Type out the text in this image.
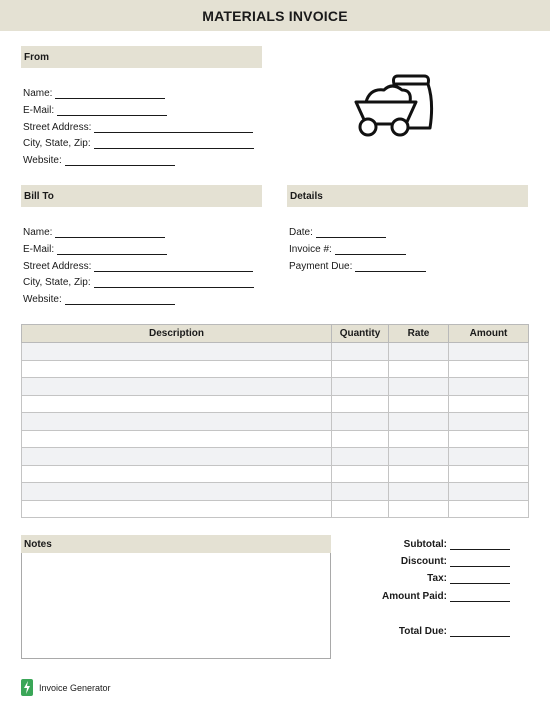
MATERIALS INVOICE
From
Name:
E-Mail:
Street Address:
City, State, Zip:
Website:
Bill To
Name:
E-Mail:
Street Address:
City, State, Zip:
Website:
Details
Date:
Invoice #:
Payment Due:
Description	Quantity	Rate	Amount

Notes	Subtotal:
Discount:
Tax:
Amount Paid:
Total Due:
Invoice Generator
